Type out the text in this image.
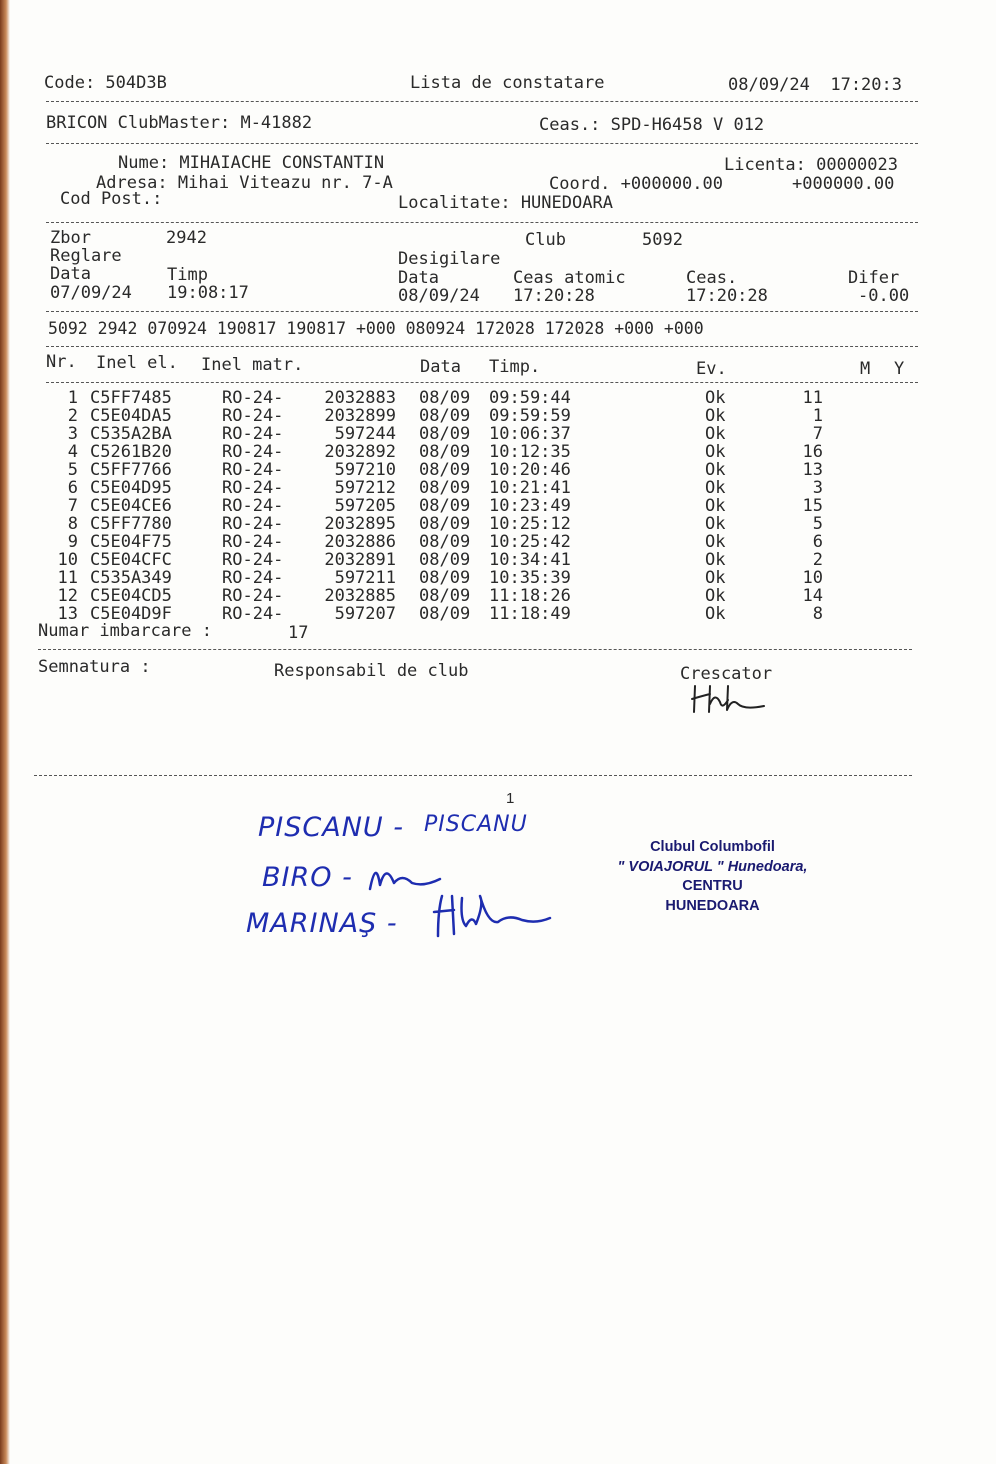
Code: 504D3B	Lista de constatare	08/09/24  17:20:3
BRICON ClubMaster: M-41882	Ceas.: SPD-H6458 V 012
Nume: MIHAIACHE CONSTANTIN	Licenta: 00000023
Adresa: Mihai Viteazu nr. 7-A	Coord. +000000.00	+000000.00
Cod Post.:	Localitate: HUNEDOARA
Zbor	2942	Club	5092
Reglare	Desigilare
Data	Timp	Data	Ceas atomic	Ceas.	Difer
07/09/24 19:08:17	08/09/24 17:20:28	17:20:28	-0.00
5092 2942 070924 190817 190817 +000 080924 172028 172028 +000 +000
Nr. Inel el. Inel matr.	Data Timp.	Ev.	M Y
1 C5FF7485	RO-24-	2032883 08/09 09:59:44	Ok	11
2 C5E04DA5	RO-24-	2032899 08/09 09:59:59	Ok	1
3 C535A2BA	RO-24-	597244 08/09 10:06:37	Ok	7
4 C5261B20	RO-24-	2032892 08/09 10:12:35	Ok	16
5 C5FF7766	RO-24-	597210 08/09 10:20:46	Ok	13
6 C5E04D95	RO-24-	597212 08/09 10:21:41	Ok	3
7 C5E04CE6	RO-24-	597205 08/09 10:23:49	Ok	15
8 C5FF7780	RO-24-	2032895 08/09 10:25:12	Ok	5
9 C5E04F75	RO-24-	2032886 08/09 10:25:42	Ok	6
10 C5E04CFC	RO-24-	2032891 08/09 10:34:41	Ok	2
11 C535A349	RO-24-	597211 08/09 10:35:39	Ok	10
12 C5E04CD5	RO-24-	2032885 08/09 11:18:26	Ok	14
13 C5E04D9F	RO-24-	597207 08/09 11:18:49	Ok	8
Numar imbarcare :	17
Semnatura :	Responsabil de club	Crescator
1
PISCANU - PISCANU
BIRO -
MARINAŞ -
Clubul Columbofil
" VOIAJORUL " Hunedoara,
CENTRU
HUNEDOARA
